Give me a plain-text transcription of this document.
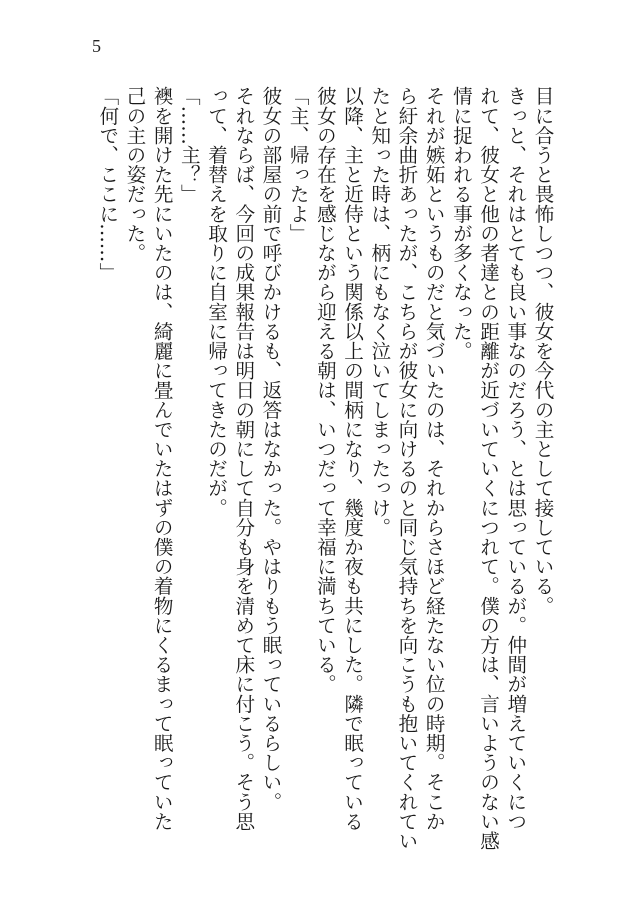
5
目に合うと畏怖しつつ、彼女を今代の主として接している。
きっと、それはとても良い事なのだろう、とは思っているが。仲間が増えていくにつ
れて、彼女と他の者達との距離が近づいていくにつれて。僕の方は、言いようのない感
情に捉われる事が多くなった。
それが嫉妬というものだと気づいたのは、それからさほど経たない位の時期。そこか
ら紆余曲折あったが、こちらが彼女に向けるのと同じ気持ちを向こうも抱いてくれてい
たと知った時は、柄にもなく泣いてしまったっけ。
以降、主と近侍という関係以上の間柄になり、幾度か夜も共にした。隣で眠っている
彼女の存在を感じながら迎える朝は、いつだって幸福に満ちている。
「主、帰ったよ」
彼女の部屋の前で呼びかけるも、返答はなかった。やはりもう眠っているらしい。
それならば、今回の成果報告は明日の朝にして自分も身を清めて床に付こう。そう思
って、着替えを取りに自室に帰ってきたのだが。
「……主？」
襖を開けた先にいたのは、綺麗に畳んでいたはずの僕の着物にくるまって眠っていた
己の主の姿だった。
「何で、ここに……」
